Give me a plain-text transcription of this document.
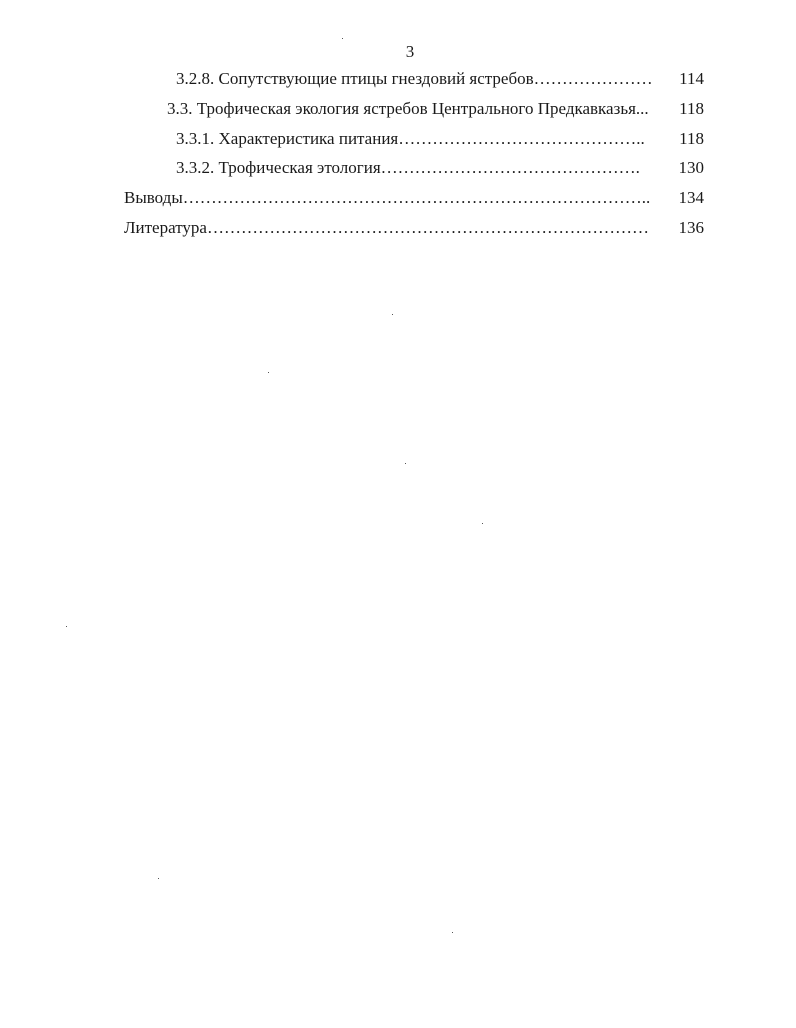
3
3.2.8. Сопутствующие птицы гнездовий ястребов…………………	114
3.3. Трофическая экология ястребов Центрального Предкавказья...	118
3.3.1. Характеристика питания……………………………………..	118
3.3.2. Трофическая этология……………………………………….	130
Выводы………………………………………………………………………..	134
Литература……………………………………………………………………	136
